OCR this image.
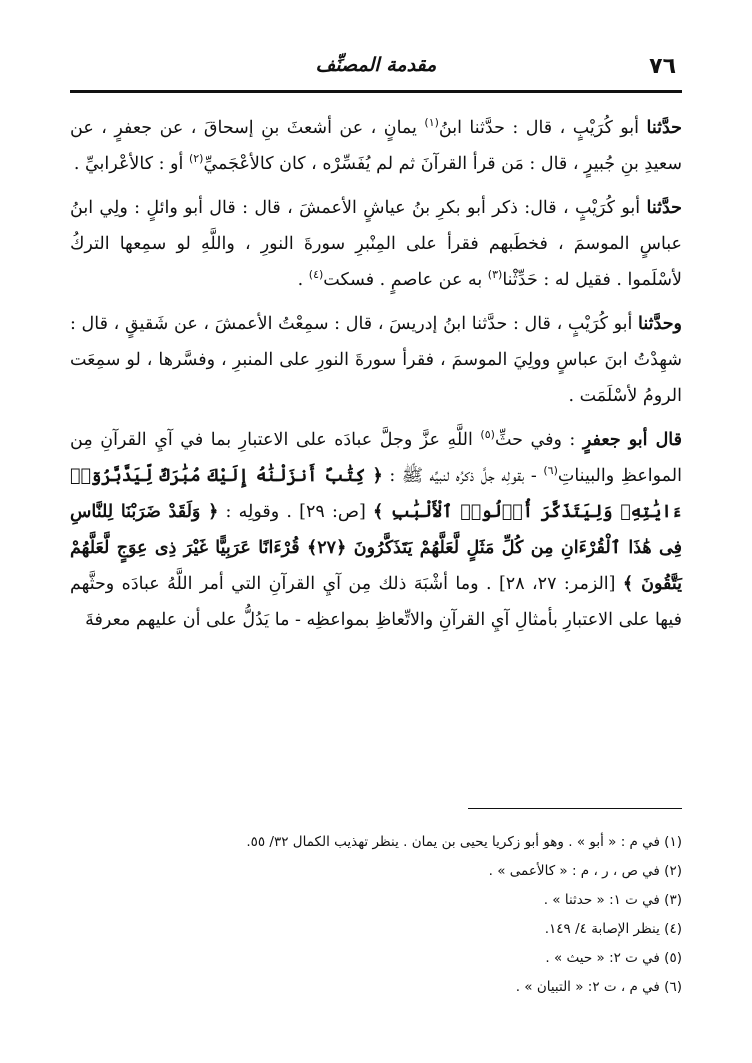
٧٦
مقدمة المصنِّف

حدَّثنا أبو كُرَيْبٍ ، قال : حدَّثنا ابنُ$^{(١)}$ يمانٍ ، عن أشعثَ بنِ إسحاقَ ، عن جعفرٍ ، عن سعيدِ بنِ جُبيرٍ ، قال : مَن قرأ القرآنَ ثم لم يُفَسِّرْه ، كان كالأعْجَميِّ$^{(٢)}$ أو : كالأعْرابيِّ .

حدَّثنا أبو كُرَيْبٍ ، قال: ذكر أبو بكرِ بنُ عياشٍ الأعمشَ ، قال : قال أبو وائلٍ : ولِي ابنُ عباسٍ الموسمَ ، فخطَبهم فقرأ على المِنْبرِ سورةَ النورِ ، واللَّهِ لو سمِعها التركُ لأسْلَموا . فقيل له : حَدِّثْنا$^{(٣)}$ به عن عاصمٍ . فسكت$^{(٤)}$ .

وحدَّثنا أبو كُرَيْبٍ ، قال : حدَّثنا ابنُ إدريسَ ، قال : سمِعْتُ الأعمشَ ، عن شَقيقٍ ، قال : شهِدْتُ ابنَ عباسٍ وولِيَ الموسمَ ، فقرأ سورةَ النورِ على المنبرِ ، وفسَّرها ، لو سمِعَت الرومُ لأسْلَمَت .

قال أبو جعفرٍ : وفي حثِّ$^{(٥)}$ اللَّهِ عزَّ وجلَّ عبادَه على الاعتبارِ بما في آيِ القرآنِ مِن المواعظِ والبيناتِ$^{(٦)}$ - بقولِه جلَّ ذكرُه لنبيِّه ﷺ : ﴿ كِتَٰبٌ أَنزَلْنَٰهُ إِلَيْكَ مُبَٰرَكٌ لِّيَدَّبَّرُوٓا۟ ءَايَٰتِهِۦ وَلِيَتَذَكَّرَ أُو۟لُوا۟ ٱلْأَلْبَٰبِ ﴾ [ص: ٢٩] . وقولِه : ﴿ وَلَقَدْ ضَرَبْنَا لِلنَّاسِ فِى هَٰذَا ٱلْقُرْءَانِ مِن كُلِّ مَثَلٍ لَّعَلَّهُمْ يَتَذَكَّرُونَ ﴿٢٧﴾ قُرْءَانًا عَرَبِيًّا غَيْرَ ذِى عِوَجٍ لَّعَلَّهُمْ يَتَّقُونَ ﴾ [الزمر: ٢٧، ٢٨] . وما أشْبَهَ ذلك مِن آيِ القرآنِ التي أمر اللَّهُ عبادَه وحثَّهم فيها على الاعتبارِ بأمثالِ آيِ القرآنِ والاتِّعاظِ بمواعظِه - ما يَدُلُّ على أن عليهم معرفةَ

(١) في م : « أبو » . وهو أبو زكريا يحيى بن يمان . ينظر تهذيب الكمال ٣٢/ ٥٥.

(٢) في ص ، ر ، م : « كالأعمى » .

(٣) في ت ١: « حدثنا » .

(٤) ينظر الإصابة ٤/ ١٤٩.

(٥) في ت ٢: « حيث » .

(٦) في م ، ت ٢: « التبيان » .
